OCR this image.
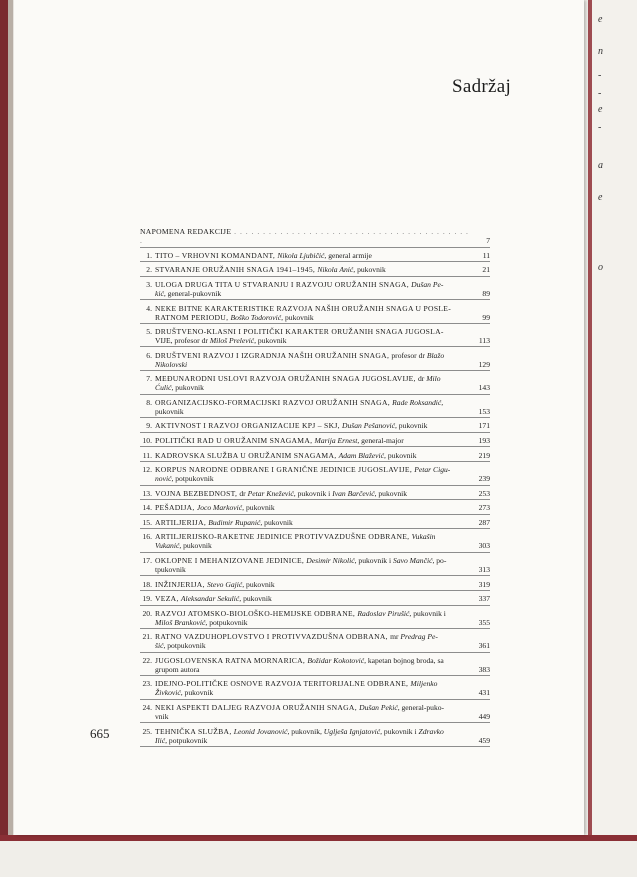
e
n
-
-
e
-
a
e
o
Sadržaj
665
NAPOMENA REDAKCIJE . . .
7
1. TITO – VRHOVNI KOMANDANT, Nikola Ljubičić, general armije	11
2. STVARANJE ORUŽANIH SNAGA 1941–1945, Nikola Anić, pukovnik	21
3. ULOGA DRUGA TITA U STVARANJU I RAZVOJU ORUŽANIH SNAGA, Dušan Pe-
kić, general-pukovnik	89
4. NEKE BITNE KARAKTERISTIKE RAZVOJA NAŠIH ORUŽANIH SNAGA U POSLE-
RATNOM PERIODU, Boško Todorović, pukovnik	99
5. DRUŠTVENO-KLASNI I POLITIČKI KARAKTER ORUŽANIH SNAGA JUGOSLA-
VIJE, profesor dr Miloš Prelević, pukovnik	113
6. DRUŠTVENI RAZVOJ I IZGRADNJA NAŠIH ORUŽANIH SNAGA, profesor dr Blažo
Nikolovski	129
7. MEĐUNARODNI USLOVI RAZVOJA ORUŽANIH SNAGA JUGOSLAVIJE, dr Milo
Ćulić, pukovnik	143
8. ORGANIZACIJSKO-FORMACIJSKI RAZVOJ ORUŽANIH SNAGA, Rade Roksandić,
pukovnik	153
9. AKTIVNOST I RAZVOJ ORGANIZACIJE KPJ – SKJ, Dušan Pešanović, pukovnik	171
10. POLITIČKI RAD U ORUŽANIM SNAGAMA, Marija Ernest, general-major	193
11. KADROVSKA SLUŽBA U ORUŽANIM SNAGAMA, Adam Blažević, pukovnik	219
12. KORPUS NARODNE ODBRANE I GRANIČNE JEDINICE JUGOSLAVIJE, Petar Cigu-
nović, potpukovnik	239
13. VOJNA BEZBEDNOST, dr Petar Knežević, pukovnik i Ivan Barčević, pukovnik	253
14. PEŠADIJA, Joco Marković, pukovnik	273
15. ARTILJERIJA, Budimir Rupanić, pukovnik	287
16. ARTILJERIJSKO-RAKETNE JEDINICE PROTIVVAZDUŠNE ODBRANE, Vukašin
Vukanić, pukovnik	303
17. OKLOPNE I MEHANIZOVANE JEDINICE, Desimir Nikolić, pukovnik i Savo Mančić, po-
tpukovnik	313
18. INŽINJERIJA, Stevo Gajić, pukovnik	319
19. VEZA, Aleksandar Sekulić, pukovnik	337
20. RAZVOJ ATOMSKO-BIOLOŠKO-HEMIJSKE ODBRANE, Radoslav Pirušić, pukovnik i
Miloš Branković, potpukovnik	355
21. RATNO VAZDUHOPLOVSTVO I PROTIVVAZDUŠNA ODBRANA, mr Predrag Pe-
šić, potpukovnik	361
22. JUGOSLOVENSKA RATNA MORNARICA, Božidar Kokotović, kapetan bojnog broda, sa
grupom autora	383
23. IDEJNO-POLITIČKE OSNOVE RAZVOJA TERITORIJALNE ODBRANE, Miljenko
Živković, pukovnik	431
24. NEKI ASPEKTI DALJEG RAZVOJA ORUŽANIH SNAGA, Dušan Pekić, general-puko-
vnik	449
25. TEHNIČKA SLUŽBA, Leonid Jovanović, pukovnik, Uglješa Ignjatović, pukovnik i Zdravko
Ilić, potpukovnik	459
